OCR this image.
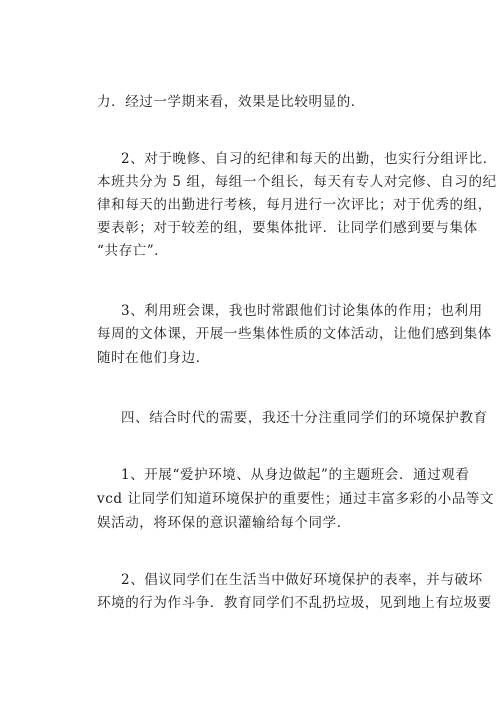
力．经过一学期来看，效果是比较明显的．
2、对于晚修、自习的纪律和每天的出勤，也实行分组评比．
本班共分为 5 组，每组一个组长，每天有专人对完修、自习的纪
律和每天的出勤进行考核，每月进行一次评比；对于优秀的组，
要表彰；对于较差的组，要集体批评．让同学们感到要与集体
“共存亡”．
3、利用班会课，我也时常跟他们讨论集体的作用；也利用
每周的文体课，开展一些集体性质的文体活动，让他们感到集体
随时在他们身边．
四、结合时代的需要，我还十分注重同学们的环境保护教育
1、开展“爱护环境、从身边做起”的主题班会．通过观看
vcd 让同学们知道环境保护的重要性；通过丰富多彩的小品等文
娱活动，将环保的意识灌输给每个同学．
2、倡议同学们在生活当中做好环境保护的表率，并与破坏
环境的行为作斗争．教育同学们不乱扔垃圾，见到地上有垃圾要
